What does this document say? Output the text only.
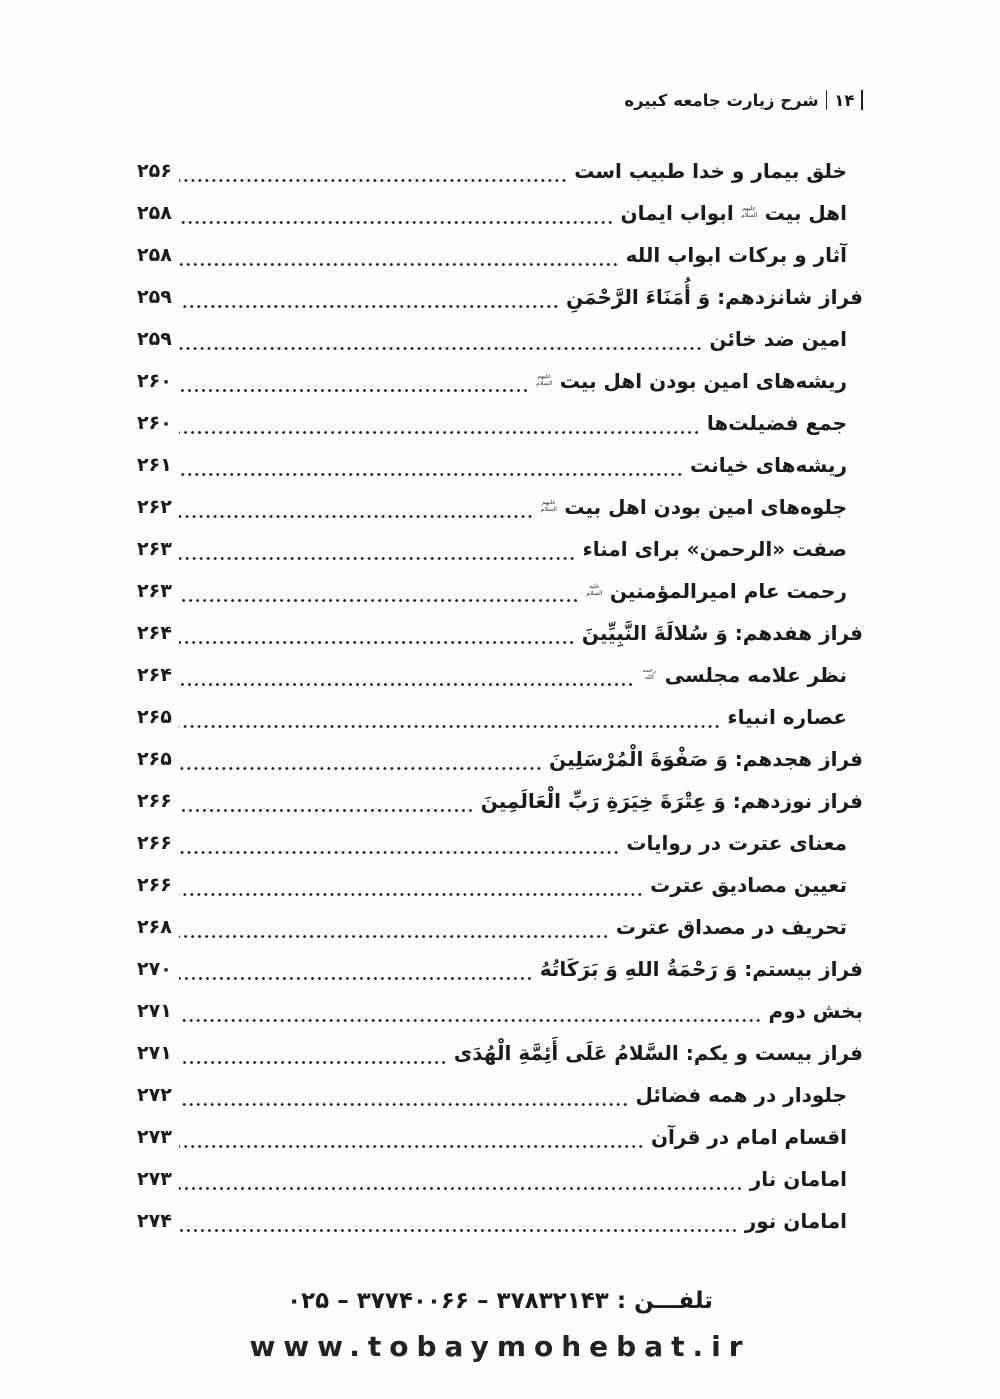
۱۴
شرح زیارت جامعه کبیره
خلق بیمار و خدا طبیب است
۲۵۶
اهل بیت علیهم السلام ابواب ایمان
۲۵۸
آثار و برکات ابواب الله
۲۵۸
فراز شانزدهم: وَ أُمَنَاءَ الرَّحْمَنِ
۲۵۹
امین ضد خائن
۲۵۹
ریشه‌های امین بودن اهل بیت علیهم السلام
۲۶۰
جمع فضیلت‌ها
۲۶۰
ریشه‌های خیانت
۲۶۱
جلوه‌های امین بودن اهل بیت علیهم السلام
۲۶۲
صفت «الرحمن» برای امناء
۲۶۳
رحمت عام امیرالمؤمنین علیه السلام
۲۶۳
فراز هفدهم: وَ سُلالَةَ النَّبِیِّینَ
۲۶۴
نظر علامه مجلسی رحمه الله
۲۶۴
عصاره انبیاء
۲۶۵
فراز هجدهم: وَ صَفْوَةَ الْمُرْسَلِینَ
۲۶۵
فراز نوزدهم: وَ عِتْرَةَ خِیَرَةِ رَبِّ الْعَالَمِینَ
۲۶۶
معنای عترت در روایات
۲۶۶
تعیین مصادیق عترت
۲۶۶
تحریف در مصداق عترت
۲۶۸
فراز بیستم: وَ رَحْمَةُ اللهِ وَ بَرَکَاتُهُ
۲۷۰
بخش دوم
۲۷۱
فراز بیست و یکم: السَّلامُ عَلَی أَئِمَّةِ الْهُدَی
۲۷۱
جلودار در همه فضائل
۲۷۲
اقسام امام در قرآن
۲۷۳
امامان نار
۲۷۳
امامان نور
۲۷۴
تلفـــن : ۳۷۸۳۲۱۴۳ – ۳۷۷۴۰۰۶۶ – ۰۲۵
www.tobaymohebat.ir
